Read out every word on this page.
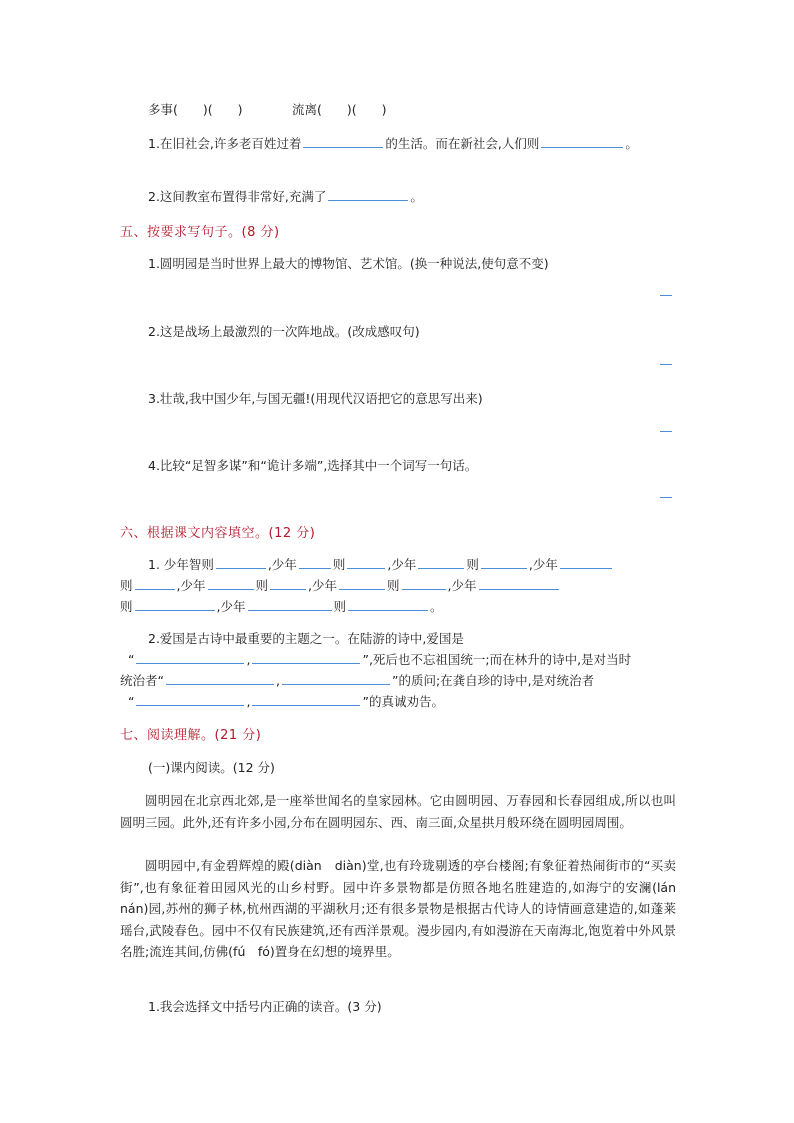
多事(　　)(　　)	流离(　　)(　　)
1.在旧社会,许多老百姓过着	的生活。而在新社会,人们则	。
2.这间教室布置得非常好,充满了	。
五、按要求写句子。(8 分)
1.圆明园是当时世界上最大的博物馆、艺术馆。(换一种说法,使句意不变)
2.这是战场上最激烈的一次阵地战。(改成感叹句)
3.壮哉,我中国少年,与国无疆!(用现代汉语把它的意思写出来)
4.比较“足智多谋”和“诡计多端”,选择其中一个词写一句话。
六、根据课文内容填空。(12 分)
1. 少年智则	,少年	则	,少年	则	,少年
则	,少年	则	,少年	则	,少年
则	,少年	则	。
2.爱国是古诗中最重要的主题之一。在陆游的诗中,爱国是
“	,	”,死后也不忘祖国统一;而在林升的诗中,是对当时
统治者“	,	”的质问;在龚自珍的诗中,是对统治者
“	,	”的真诚劝告。
七、阅读理解。(21 分)
(一)课内阅读。(12 分)
圆明园在北京西北郊,是一座举世闻名的皇家园林。它由圆明园、万春园和长春园组成,所以也叫圆明三园。此外,还有许多小园,分布在圆明园东、西、南三面,众星拱月般环绕在圆明园周围。
圆明园中,有金碧辉煌的殿(diàn　diàn)堂,也有玲珑剔透的亭台楼阁;有象征着热闹街市的“买卖街”,也有象征着田园风光的山乡村野。园中许多景物都是仿照各地名胜建造的,如海宁的安澜(lán　nán)园,苏州的狮子林,杭州西湖的平湖秋月;还有很多景物是根据古代诗人的诗情画意建造的,如蓬莱瑶台,武陵春色。园中不仅有民族建筑,还有西洋景观。漫步园内,有如漫游在天南海北,饱览着中外风景名胜;流连其间,仿佛(fú　fó)置身在幻想的境界里。
1.我会选择文中括号内正确的读音。(3 分)
